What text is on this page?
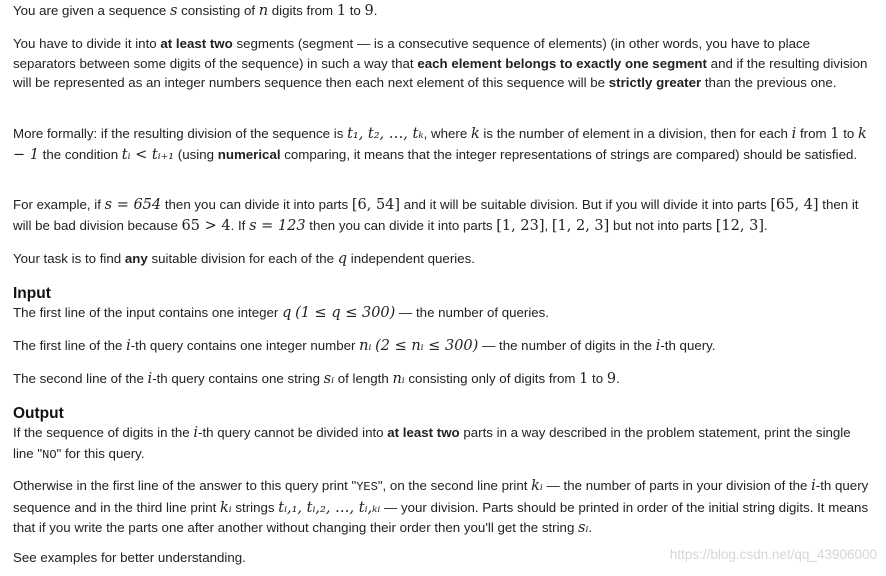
You are given a sequence s consisting of n digits from 1 to 9.

You have to divide it into at least two segments (segment — is a consecutive sequence of elements) (in other words, you have to place separators between some digits of the sequence) in such a way that each element belongs to exactly one segment and if the resulting division will be represented as an integer numbers sequence then each next element of this sequence will be strictly greater than the previous one.

More formally: if the resulting division of the sequence is t₁, t₂, …, tₖ, where k is the number of element in a division, then for each i from 1 to k − 1 the condition tᵢ < tᵢ₊₁ (using numerical comparing, it means that the integer representations of strings are compared) should be satisfied.

For example, if s = 654 then you can divide it into parts [6, 54] and it will be suitable division. But if you will divide it into parts [65, 4] then it will be bad division because 65 > 4. If s = 123 then you can divide it into parts [1, 23], [1, 2, 3] but not into parts [12, 3].

Your task is to find any suitable division for each of the q independent queries.

Input

The first line of the input contains one integer q (1 ≤ q ≤ 300) — the number of queries.

The first line of the i-th query contains one integer number nᵢ (2 ≤ nᵢ ≤ 300) — the number of digits in the i-th query.

The second line of the i-th query contains one string sᵢ of length nᵢ consisting only of digits from 1 to 9.

Output

If the sequence of digits in the i-th query cannot be divided into at least two parts in a way described in the problem statement, print the single line "NO" for this query.

Otherwise in the first line of the answer to this query print "YES", on the second line print kᵢ — the number of parts in your division of the i-th query sequence and in the third line print kᵢ strings tᵢ,₁, tᵢ,₂, …, tᵢ,ₖᵢ — your division. Parts should be printed in order of the initial string digits. It means that if you write the parts one after another without changing their order then you'll get the string sᵢ.

See examples for better understanding.	https://blog.csdn.net/qq_43906000
